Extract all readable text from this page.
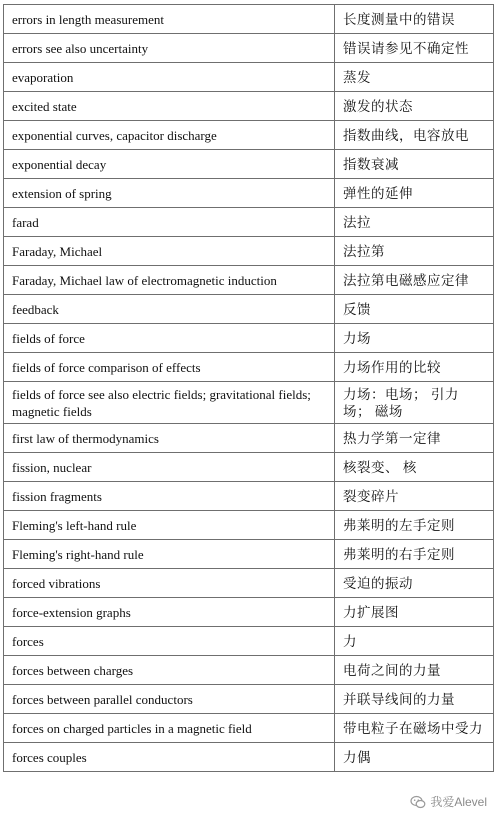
errors in length measurement	长度测量中的错误
errors see also uncertainty	错误请参见不确定性
evaporation	蒸发
excited state	激发的状态
exponential curves, capacitor discharge	指数曲线，电容放电
exponential decay	指数衰减
extension of spring	弹性的延伸
farad	法拉
Faraday, Michael	法拉第
Faraday, Michael law of electromagnetic induction	法拉第电磁感应定律
feedback	反馈
fields of force	力场
fields of force comparison of effects	力场作用的比较
fields of force see also electric fields; gravitational fields; magnetic fields	力场：电场； 引力场； 磁场
first law of thermodynamics	热力学第一定律
fission, nuclear	核裂变、 核
fission fragments	裂变碎片
Fleming's left-hand rule	弗莱明的左手定则
Fleming's right-hand rule	弗莱明的右手定则
forced vibrations	受迫的振动
force-extension graphs	力扩展图
forces	力
forces between charges	电荷之间的力量
forces between parallel conductors	并联导线间的力量
forces on charged particles in a magnetic field	带电粒子在磁场中受力
forces couples	力偶
我爱Alevel
